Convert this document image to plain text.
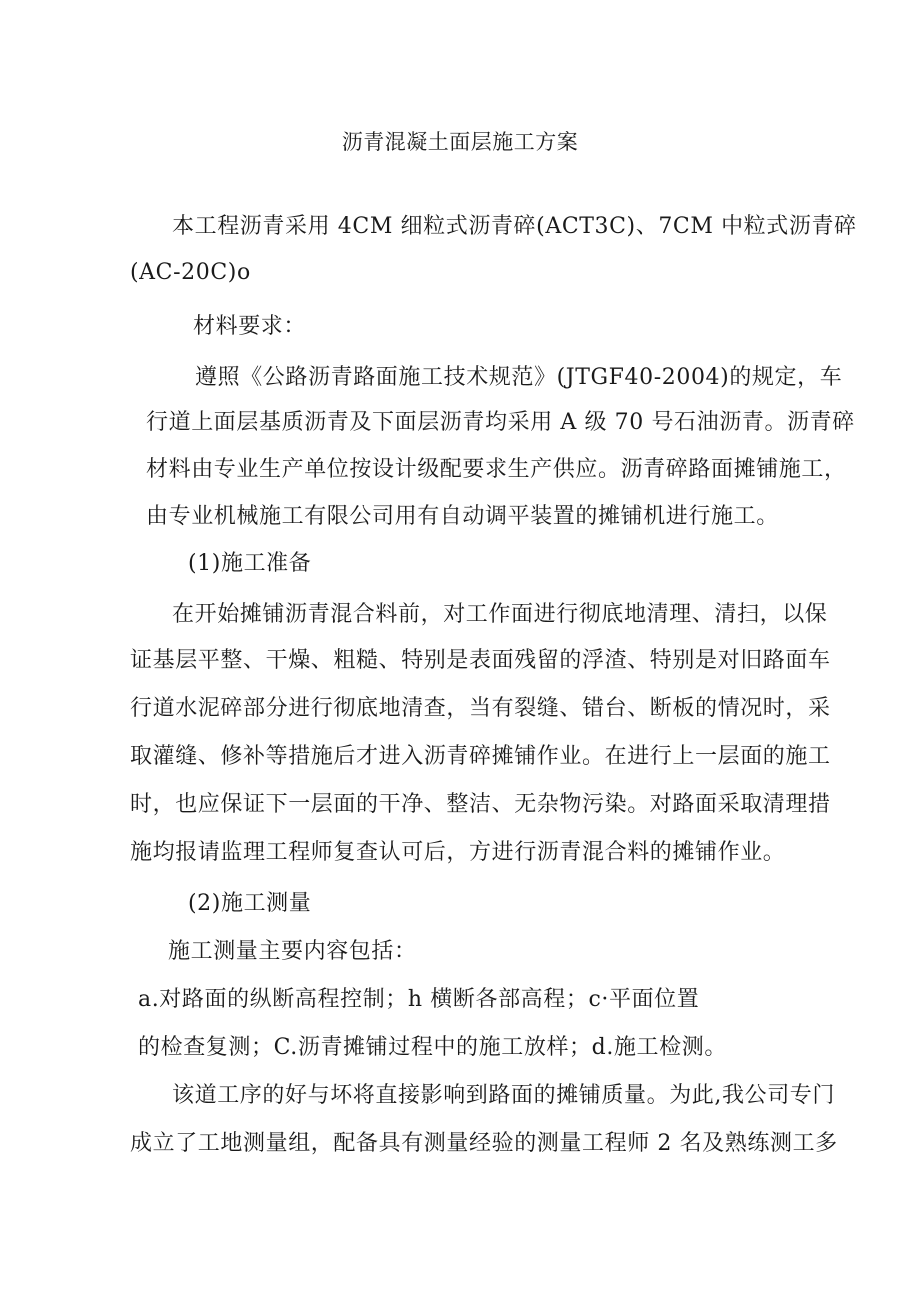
沥青混凝土面层施工方案
本工程沥青采用 4CM 细粒式沥青碎(ACT3C)、7CM 中粒式沥青碎
(AC-20C)o
材料要求：
遵照《公路沥青路面施工技术规范》(JTGF40-2004)的规定，车
行道上面层基质沥青及下面层沥青均采用 A 级 70 号石油沥青。沥青碎
材料由专业生产单位按设计级配要求生产供应。沥青碎路面摊铺施工，
由专业机械施工有限公司用有自动调平装置的摊铺机进行施工。
(1)施工准备
在开始摊铺沥青混合料前，对工作面进行彻底地清理、清扫，以保
证基层平整、干燥、粗糙、特别是表面残留的浮渣、特别是对旧路面车
行道水泥碎部分进行彻底地清查，当有裂缝、错台、断板的情况时，采
取灌缝、修补等措施后才进入沥青碎摊铺作业。在进行上一层面的施工
时，也应保证下一层面的干净、整洁、无杂物污染。对路面采取清理措
施均报请监理工程师复查认可后，方进行沥青混合料的摊铺作业。
(2)施工测量
施工测量主要内容包括：
a.对路面的纵断高程控制；h 横断各部高程；c·平面位置
的检查复测；C.沥青摊铺过程中的施工放样；d.施工检测。
该道工序的好与坏将直接影响到路面的摊铺质量。为此,我公司专门
成立了工地测量组，配备具有测量经验的测量工程师 2 名及熟练测工多
